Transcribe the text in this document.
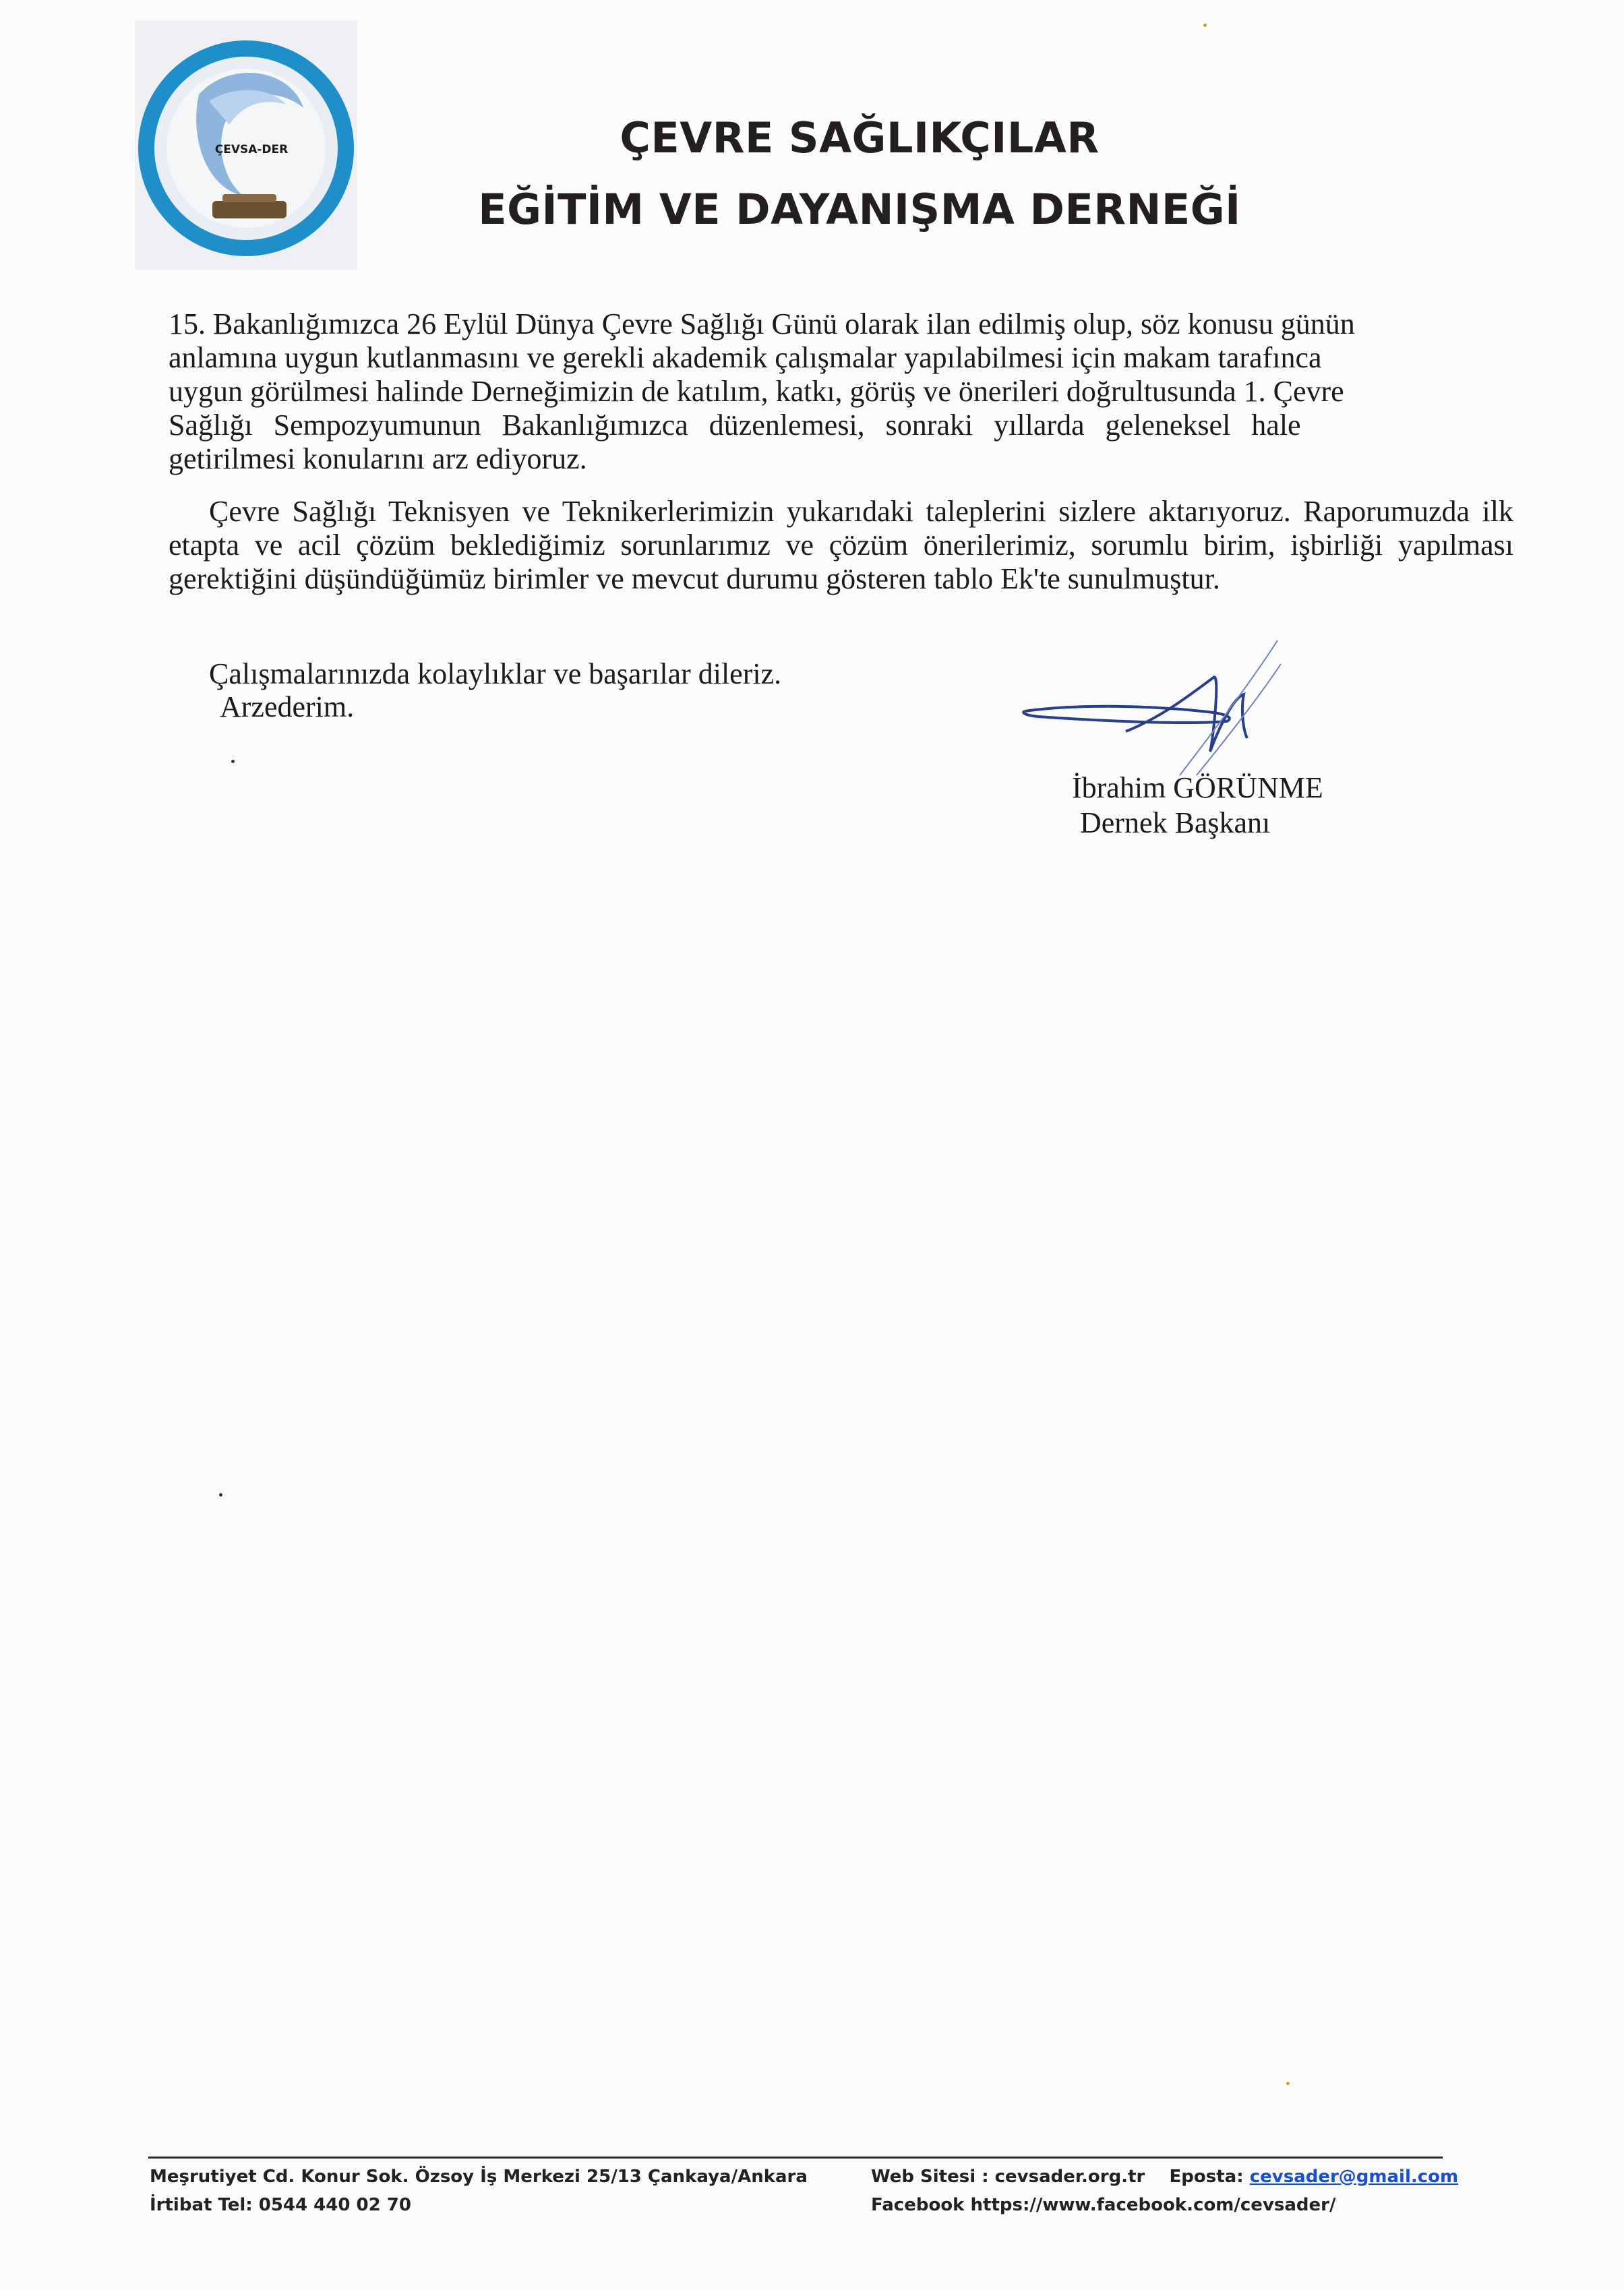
ÇEVSA-DER	ÇEVRE SAĞLIKÇILAR
EĞİTİM VE DAYANIŞMA DERNEĞİ

15. Bakanlığımızca 26 Eylül Dünya Çevre Sağlığı Günü olarak ilan edilmiş olup, söz konusu günün

anlamına uygun kutlanmasını ve gerekli akademik çalışmalar yapılabilmesi için makam tarafınca

uygun görülmesi halinde Derneğimizin de katılım, katkı, görüş ve önerileri doğrultusunda 1. Çevre

Sağlığı Sempozyumunun Bakanlığımızca düzenlemesi, sonraki yıllarda geleneksel hale

getirilmesi konularını arz ediyoruz.

Çevre Sağlığı Teknisyen ve Teknikerlerimizin yukarıdaki taleplerini sizlere aktarıyoruz. Raporumuzda ilk etapta ve acil çözüm beklediğimiz sorunlarımız ve çözüm önerilerimiz, sorumlu birim, işbirliği yapılması gerektiğini düşündüğümüz birimler ve mevcut durumu gösteren tablo Ek'te sunulmuştur.

Çalışmalarınızda kolaylıklar ve başarılar dileriz.
Arzederim.
İbrahim GÖRÜNME
Dernek Başkanı
Meşrutiyet Cd. Konur Sok. Özsoy İş Merkezi 25/13 Çankaya/Ankara
İrtibat Tel: 0544 440 02 70
Web Sitesi : cevsader.org.tr Eposta: cevsader@gmail.com
Facebook https://www.facebook.com/cevsader/
